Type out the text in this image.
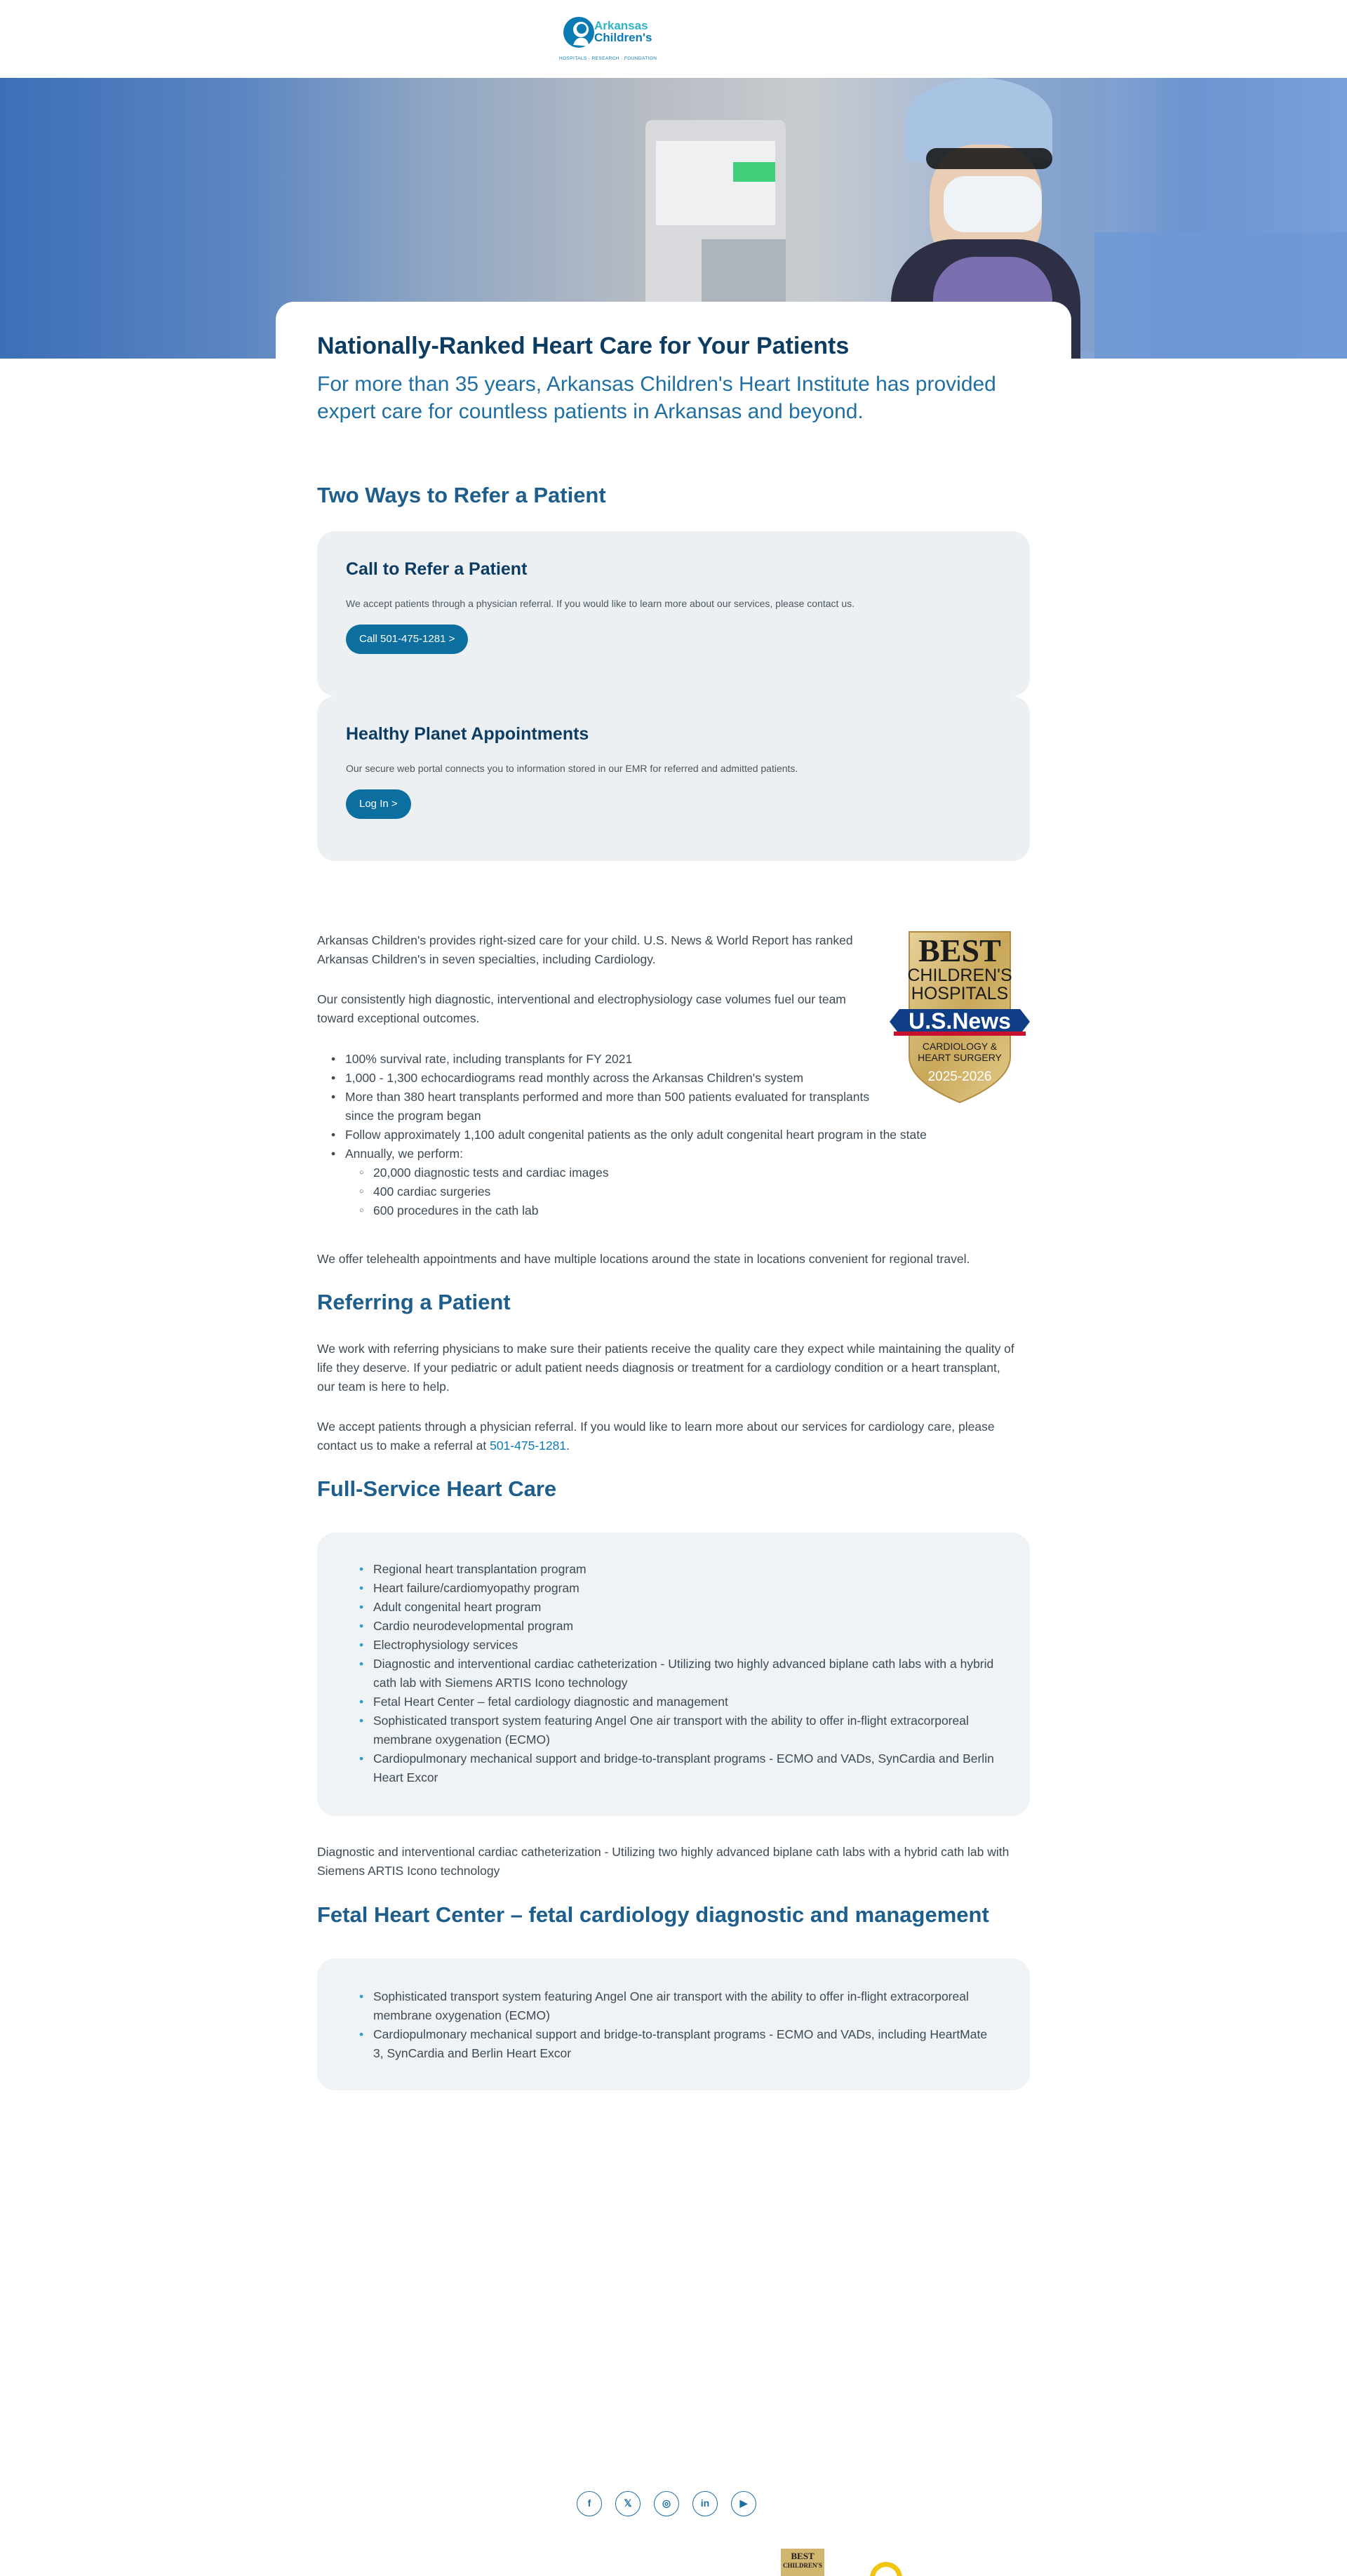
Arkansas
Children's
HOSPITALS · RESEARCH · FOUNDATION
Nationally-Ranked Heart Care for Your Patients

For more than 35 years, Arkansas Children's Heart Institute has provided expert care for countless patients in Arkansas and beyond.

Two Ways to Refer a Patient
Call to Refer a Patient

We accept patients through a physician referral. If you would like to learn more about our services, please contact us.

Call 501-475-1281 >
Healthy Planet Appointments

Our secure web portal connects you to information stored in our EMR for referred and admitted patients.

Log In >

Arkansas Children's provides right-sized care for your child. U.S. News & World Report has ranked Arkansas Children's in seven specialties, including Cardiology.

Our consistently high diagnostic, interventional and electrophysiology case volumes fuel our team toward exceptional outcomes.

BEST
CHILDREN'S
HOSPITALS
U.S.News
CARDIOLOGY &
HEART SURGERY
2025-2026
• 100% survival rate, including transplants for FY 2021
• 1,000 - 1,300 echocardiograms read monthly across the Arkansas Children's system
• More than 380 heart transplants performed and more than 500 patients evaluated for transplants since the program began
• Follow approximately 1,100 adult congenital patients as the only adult congenital heart program in the state
• Annually, we perform:
○ 20,000 diagnostic tests and cardiac images
○ 400 cardiac surgeries
○ 600 procedures in the cath lab

We offer telehealth appointments and have multiple locations around the state in locations convenient for regional travel.

Referring a Patient

We work with referring physicians to make sure their patients receive the quality care they expect while maintaining the quality of life they deserve. If your pediatric or adult patient needs diagnosis or treatment for a cardiology condition or a heart transplant, our team is here to help.

We accept patients through a physician referral. If you would like to learn more about our services for cardiology care, please contact us to make a referral at 501-475-1281.

Full-Service Heart Care
• Regional heart transplantation program
• Heart failure/cardiomyopathy program
• Adult congenital heart program
• Cardio neurodevelopmental program
• Electrophysiology services
• Diagnostic and interventional cardiac catheterization - Utilizing two highly advanced biplane cath labs with a hybrid cath lab with Siemens ARTIS Icono technology
• Fetal Heart Center – fetal cardiology diagnostic and management
• Sophisticated transport system featuring Angel One air transport with the ability to offer in-flight extracorporeal membrane oxygenation (ECMO)
• Cardiopulmonary mechanical support and bridge-to-transplant programs - ECMO and VADs, SynCardia and Berlin Heart Excor

Diagnostic and interventional cardiac catheterization - Utilizing two highly advanced biplane cath labs with a hybrid cath lab with Siemens ARTIS Icono technology

Fetal Heart Center – fetal cardiology diagnostic and management
• Sophisticated transport system featuring Angel One air transport with the ability to offer in-flight extracorporeal membrane oxygenation (ECMO)
• Cardiopulmonary mechanical support and bridge-to-transplant programs - ECMO and VADs, including HeartMate 3, SynCardia and Berlin Heart Excor
f	𝕏	◎	in	▶
BEST
CHILDREN'S
